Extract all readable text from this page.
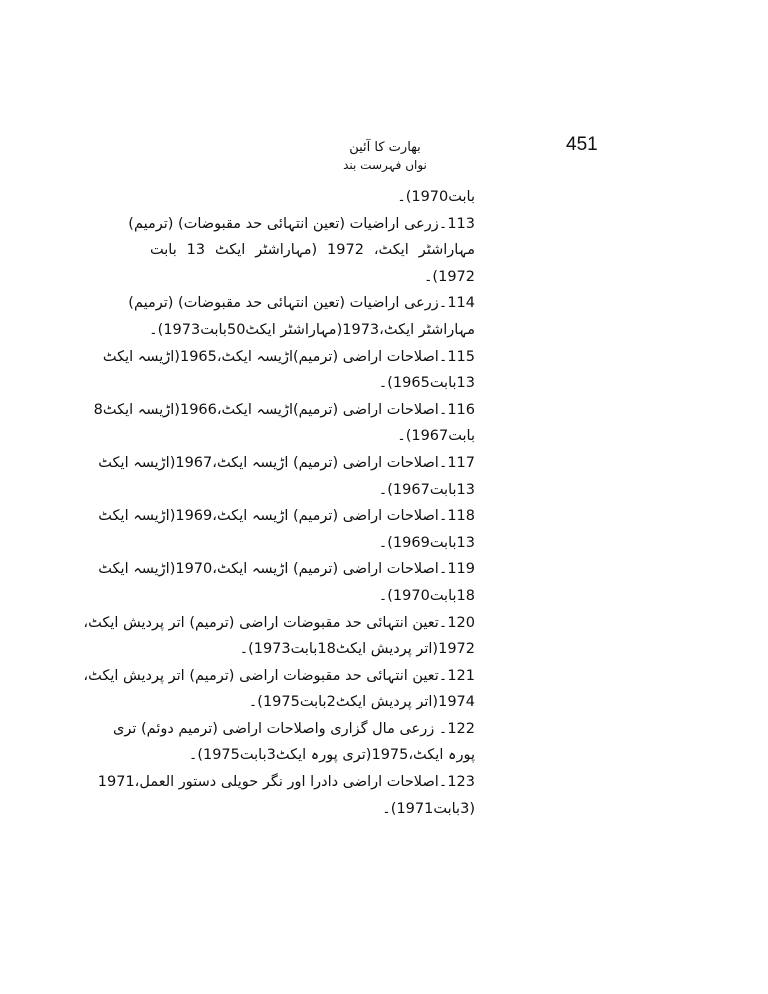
451
بھارت کا آئین
نواں فہرست بند
بابت1970)۔
113۔زرعی اراضیات (تعین انتہائی حد مقبوضات) (ترمیم)
مہاراشٹر ایکٹ، 1972 (مہاراشٹر ایکٹ 13 بابت
1972)۔
114۔زرعی اراضیات (تعین انتہائی حد مقبوضات) (ترمیم)
مہاراشٹر ایکٹ،1973(مہاراشٹر ایکٹ50بابت1973)۔
115۔اصلاحات اراضی (ترمیم)اڑیسہ ایکٹ،1965(اڑیسہ ایکٹ
13بابت1965)۔
116۔اصلاحات اراضی (ترمیم)اڑیسہ ایکٹ،1966(اڑیسہ ایکٹ8
بابت1967)۔
117۔اصلاحات اراضی (ترمیم) اڑیسہ ایکٹ،1967(اڑیسہ ایکٹ
13بابت1967)۔
118۔اصلاحات اراضی (ترمیم) اڑیسہ ایکٹ،1969(اڑیسہ ایکٹ
13بابت1969)۔
119۔اصلاحات اراضی (ترمیم) اڑیسہ ایکٹ،1970(اڑیسہ ایکٹ
18بابت1970)۔
120۔تعین انتہائی حد مقبوضات اراضی (ترمیم) اتر پردیش ایکٹ،
1972(اتر پردیش ایکٹ18بابت1973)۔
121۔تعین انتہائی حد مقبوضات اراضی (ترمیم) اتر پردیش ایکٹ،
1974(اتر پردیش ایکٹ2بابت1975)۔
122۔ زرعی مال گزاری واصلاحات اراضی (ترمیم دوئم) تری
پورہ ایکٹ،1975(تری پورہ ایکٹ3بابت1975)۔
123۔اصلاحات اراضی دادرا اور نگر حویلی دستور العمل،1971
(3بابت1971)۔
